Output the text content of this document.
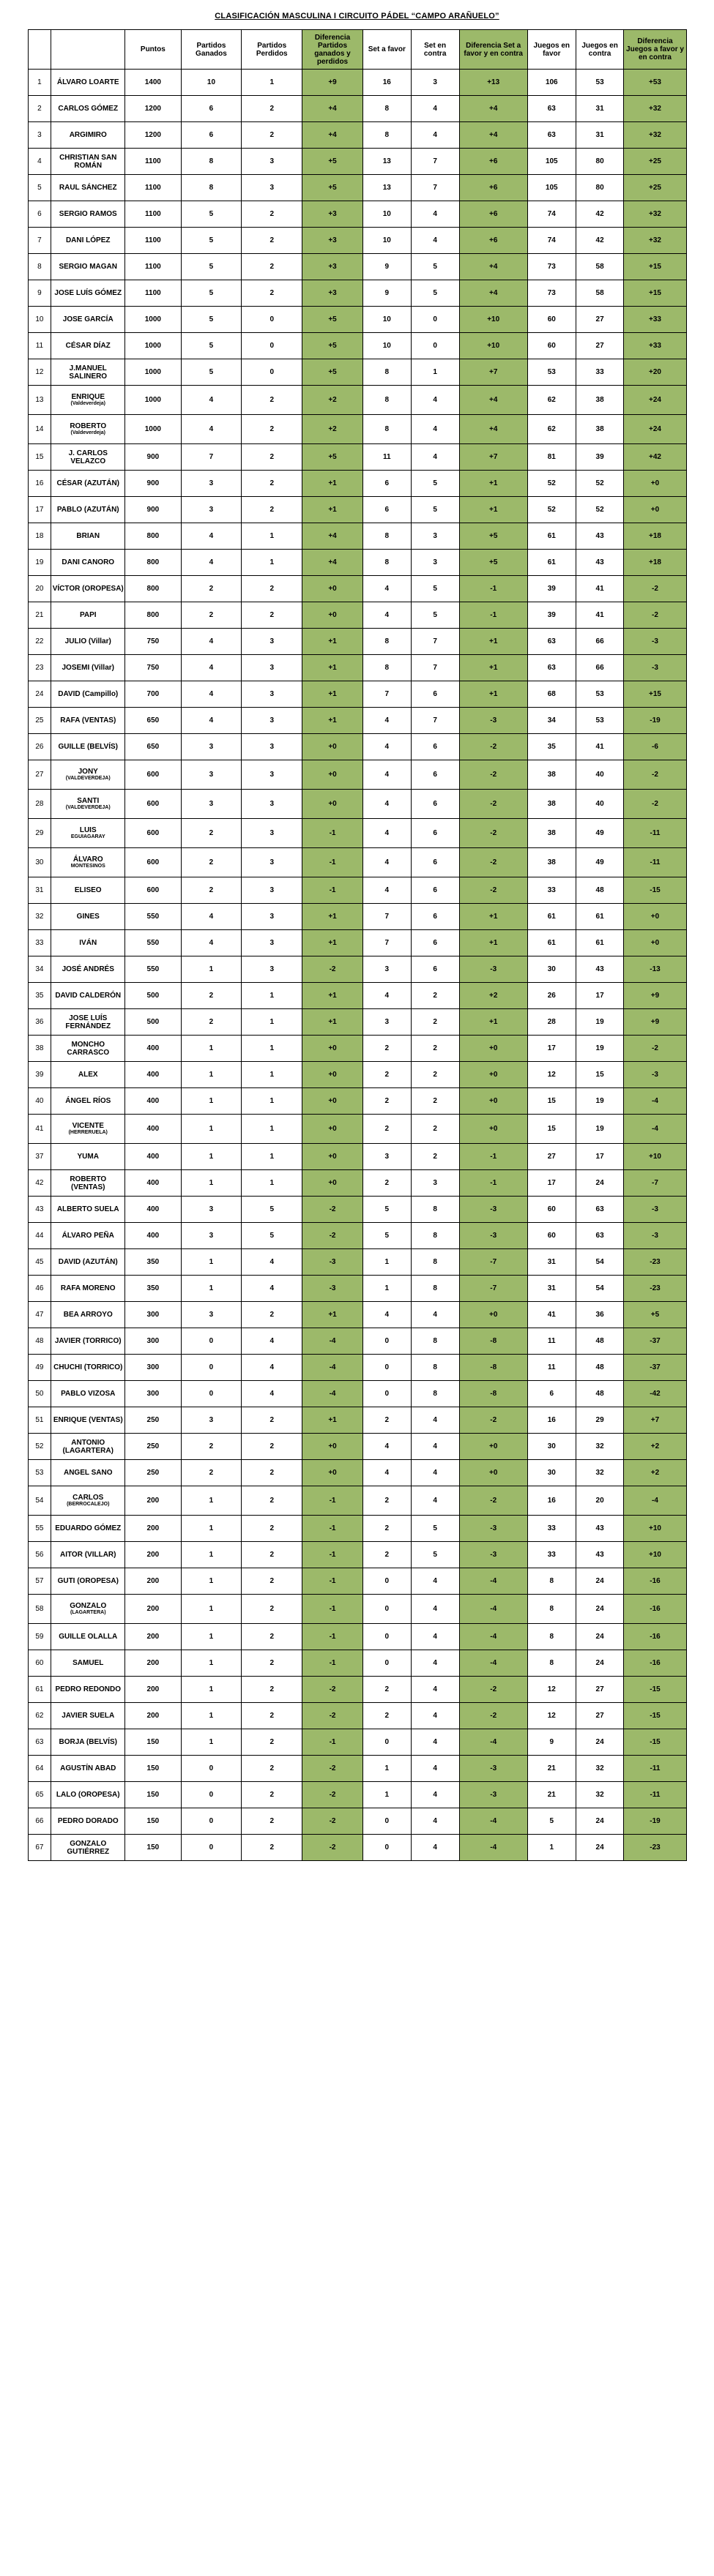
CLASIFICACIÓN MASCULINA I CIRCUITO PÁDEL “CAMPO ARAÑUELO”
		Puntos	Partidos Ganados	Partidos Perdidos	Diferencia Partidos ganados y perdidos	Set a favor	Set en contra	Diferencia Set a favor y en contra	Juegos en favor	Juegos en contra	Diferencia Juegos a favor y en contra
1	ÁLVARO LOARTE	1400	10	1	+9	16	3	+13	106	53	+53
2	CARLOS GÓMEZ	1200	6	2	+4	8	4	+4	63	31	+32
3	ARGIMIRO	1200	6	2	+4	8	4	+4	63	31	+32
4	CHRISTIAN SAN ROMÁN	1100	8	3	+5	13	7	+6	105	80	+25
5	RAUL SÁNCHEZ	1100	8	3	+5	13	7	+6	105	80	+25
6	SERGIO RAMOS	1100	5	2	+3	10	4	+6	74	42	+32
7	DANI LÓPEZ	1100	5	2	+3	10	4	+6	74	42	+32
8	SERGIO MAGAN	1100	5	2	+3	9	5	+4	73	58	+15
9	JOSE LUÍS GÓMEZ	1100	5	2	+3	9	5	+4	73	58	+15
10	JOSE GARCÍA	1000	5	0	+5	10	0	+10	60	27	+33
11	CÉSAR DÍAZ	1000	5	0	+5	10	0	+10	60	27	+33
12	J.MANUEL SALINERO	1000	5	0	+5	8	1	+7	53	33	+20
13	ENRIQUE
(Valdeverdeja)	1000	4	2	+2	8	4	+4	62	38	+24
14	ROBERTO
(Valdeverdeja)	1000	4	2	+2	8	4	+4	62	38	+24
15	J. CARLOS VELAZCO	900	7	2	+5	11	4	+7	81	39	+42
16	CÉSAR (AZUTÁN)	900	3	2	+1	6	5	+1	52	52	+0
17	PABLO (AZUTÁN)	900	3	2	+1	6	5	+1	52	52	+0
18	BRIAN	800	4	1	+4	8	3	+5	61	43	+18
19	DANI CANORO	800	4	1	+4	8	3	+5	61	43	+18
20	VÍCTOR (OROPESA)	800	2	2	+0	4	5	-1	39	41	-2
21	PAPI	800	2	2	+0	4	5	-1	39	41	-2
22	JULIO (Villar)	750	4	3	+1	8	7	+1	63	66	-3
23	JOSEMI (Villar)	750	4	3	+1	8	7	+1	63	66	-3
24	DAVID (Campillo)	700	4	3	+1	7	6	+1	68	53	+15
25	RAFA (VENTAS)	650	4	3	+1	4	7	-3	34	53	-19
26	GUILLE (BELVÍS)	650	3	3	+0	4	6	-2	35	41	-6
27	JONY
(VALDEVERDEJA)	600	3	3	+0	4	6	-2	38	40	-2
28	SANTI
(VALDEVERDEJA)	600	3	3	+0	4	6	-2	38	40	-2
29	LUIS
EGUIAGARAY	600	2	3	-1	4	6	-2	38	49	-11
30	ÁLVARO
MONTESINOS	600	2	3	-1	4	6	-2	38	49	-11
31	ELISEO	600	2	3	-1	4	6	-2	33	48	-15
32	GINES	550	4	3	+1	7	6	+1	61	61	+0
33	IVÁN	550	4	3	+1	7	6	+1	61	61	+0
34	JOSÉ ANDRÉS	550	1	3	-2	3	6	-3	30	43	-13
35	DAVID CALDERÓN	500	2	1	+1	4	2	+2	26	17	+9
36	JOSE LUÍS FERNÁNDEZ	500	2	1	+1	3	2	+1	28	19	+9
38	MONCHO CARRASCO	400	1	1	+0	2	2	+0	17	19	-2
39	ALEX	400	1	1	+0	2	2	+0	12	15	-3
40	ÁNGEL RÍOS	400	1	1	+0	2	2	+0	15	19	-4
41	VICENTE
(HERRERUELA)	400	1	1	+0	2	2	+0	15	19	-4
37	YUMA	400	1	1	+0	3	2	-1	27	17	+10
42	ROBERTO (VENTAS)	400	1	1	+0	2	3	-1	17	24	-7
43	ALBERTO SUELA	400	3	5	-2	5	8	-3	60	63	-3
44	ÁLVARO PEÑA	400	3	5	-2	5	8	-3	60	63	-3
45	DAVID (AZUTÁN)	350	1	4	-3	1	8	-7	31	54	-23
46	RAFA MORENO	350	1	4	-3	1	8	-7	31	54	-23
47	BEA ARROYO	300	3	2	+1	4	4	+0	41	36	+5
48	JAVIER (TORRICO)	300	0	4	-4	0	8	-8	11	48	-37
49	CHUCHI (TORRICO)	300	0	4	-4	0	8	-8	11	48	-37
50	PABLO VIZOSA	300	0	4	-4	0	8	-8	6	48	-42
51	ENRIQUE (VENTAS)	250	3	2	+1	2	4	-2	16	29	+7
52	ANTONIO (LAGARTERA)	250	2	2	+0	4	4	+0	30	32	+2
53	ANGEL SANO	250	2	2	+0	4	4	+0	30	32	+2
54	CARLOS
(BERROCALEJO)	200	1	2	-1	2	4	-2	16	20	-4
55	EDUARDO GÓMEZ	200	1	2	-1	2	5	-3	33	43	+10
56	AITOR (VILLAR)	200	1	2	-1	2	5	-3	33	43	+10
57	GUTI (OROPESA)	200	1	2	-1	0	4	-4	8	24	-16
58	GONZALO
(LAGARTERA)	200	1	2	-1	0	4	-4	8	24	-16
59	GUILLE OLALLA	200	1	2	-1	0	4	-4	8	24	-16
60	SAMUEL	200	1	2	-1	0	4	-4	8	24	-16
61	PEDRO REDONDO	200	1	2	-2	2	4	-2	12	27	-15
62	JAVIER SUELA	200	1	2	-2	2	4	-2	12	27	-15
63	BORJA (BELVÍS)	150	1	2	-1	0	4	-4	9	24	-15
64	AGUSTÍN ABAD	150	0	2	-2	1	4	-3	21	32	-11
65	LALO (OROPESA)	150	0	2	-2	1	4	-3	21	32	-11
66	PEDRO DORADO	150	0	2	-2	0	4	-4	5	24	-19
67	GONZALO GUTIÉRREZ	150	0	2	-2	0	4	-4	1	24	-23
